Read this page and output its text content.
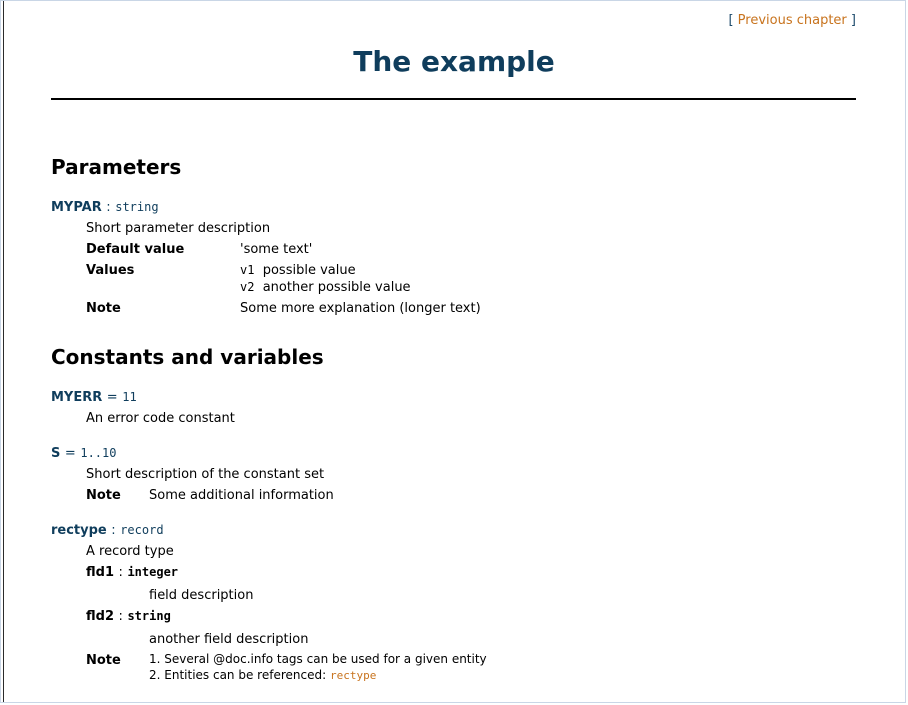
[ Previous chapter ]
The example
Parameters
MYPAR : string
Short parameter description
Default value	'some text'
Values	v1 possible value
v2 another possible value
Note	Some more explanation (longer text)
Constants and variables
MYERR = 11
An error code constant
S = 1..10
Short description of the constant set
Note Some additional information
rectype : record
A record type
fld1 : integer
field description
fld2 : string
another field description
Note 1. Several @doc.info tags can be used for a given entity
2. Entities can be referenced: rectype
